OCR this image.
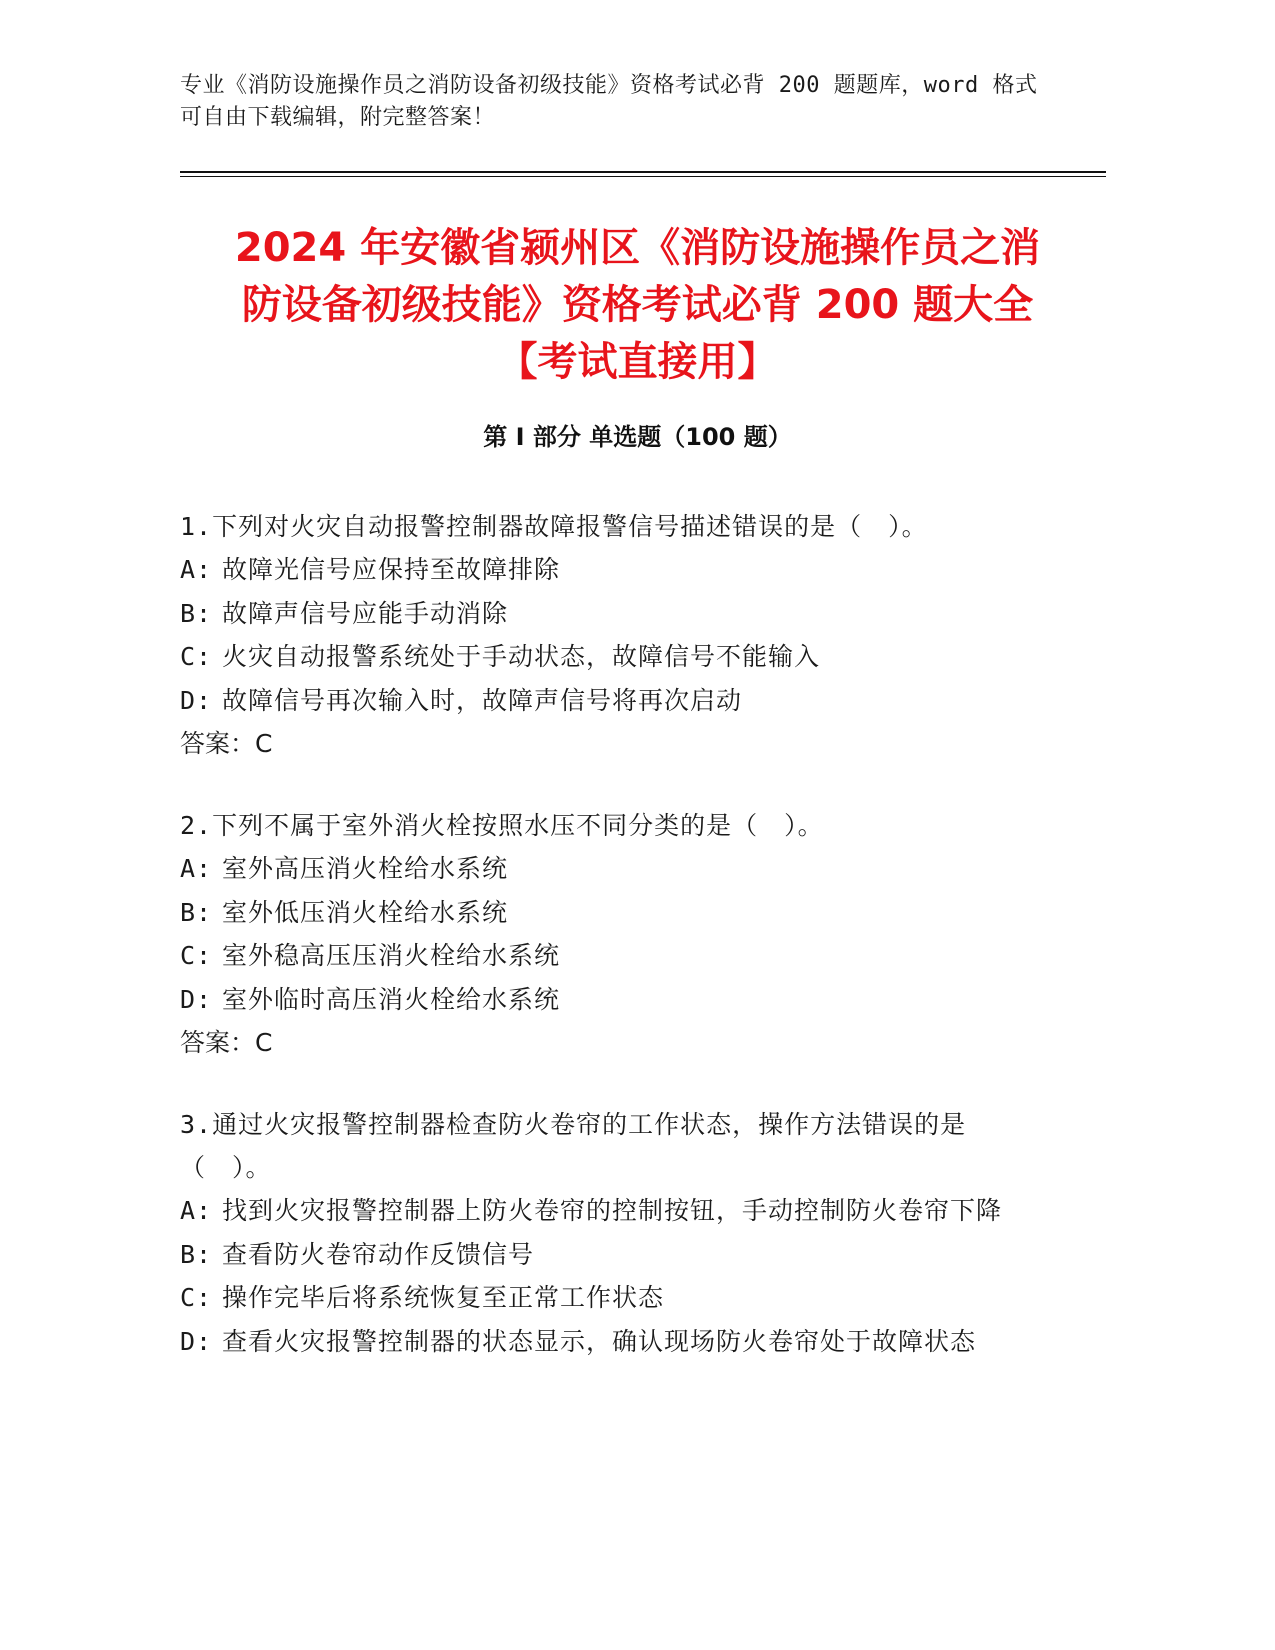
专业《消防设施操作员之消防设备初级技能》资格考试必背 200 题题库，word 格式可自由下载编辑，附完整答案！
2024 年安徽省颍州区《消防设施操作员之消
防设备初级技能》资格考试必背 200 题大全
【考试直接用】
第 I 部分 单选题（100 题）
1.下列对火灾自动报警控制器故障报警信号描述错误的是（　）。
A: 故障光信号应保持至故障排除
B: 故障声信号应能手动消除
C: 火灾自动报警系统处于手动状态，故障信号不能输入
D: 故障信号再次输入时，故障声信号将再次启动
答案：C
2.下列不属于室外消火栓按照水压不同分类的是（　）。
A: 室外高压消火栓给水系统
B: 室外低压消火栓给水系统
C: 室外稳高压压消火栓给水系统
D: 室外临时高压消火栓给水系统
答案：C
3.通过火灾报警控制器检查防火卷帘的工作状态，操作方法错误的是（　）。
A: 找到火灾报警控制器上防火卷帘的控制按钮，手动控制防火卷帘下降
B: 查看防火卷帘动作反馈信号
C: 操作完毕后将系统恢复至正常工作状态
D: 查看火灾报警控制器的状态显示，确认现场防火卷帘处于故障状态
